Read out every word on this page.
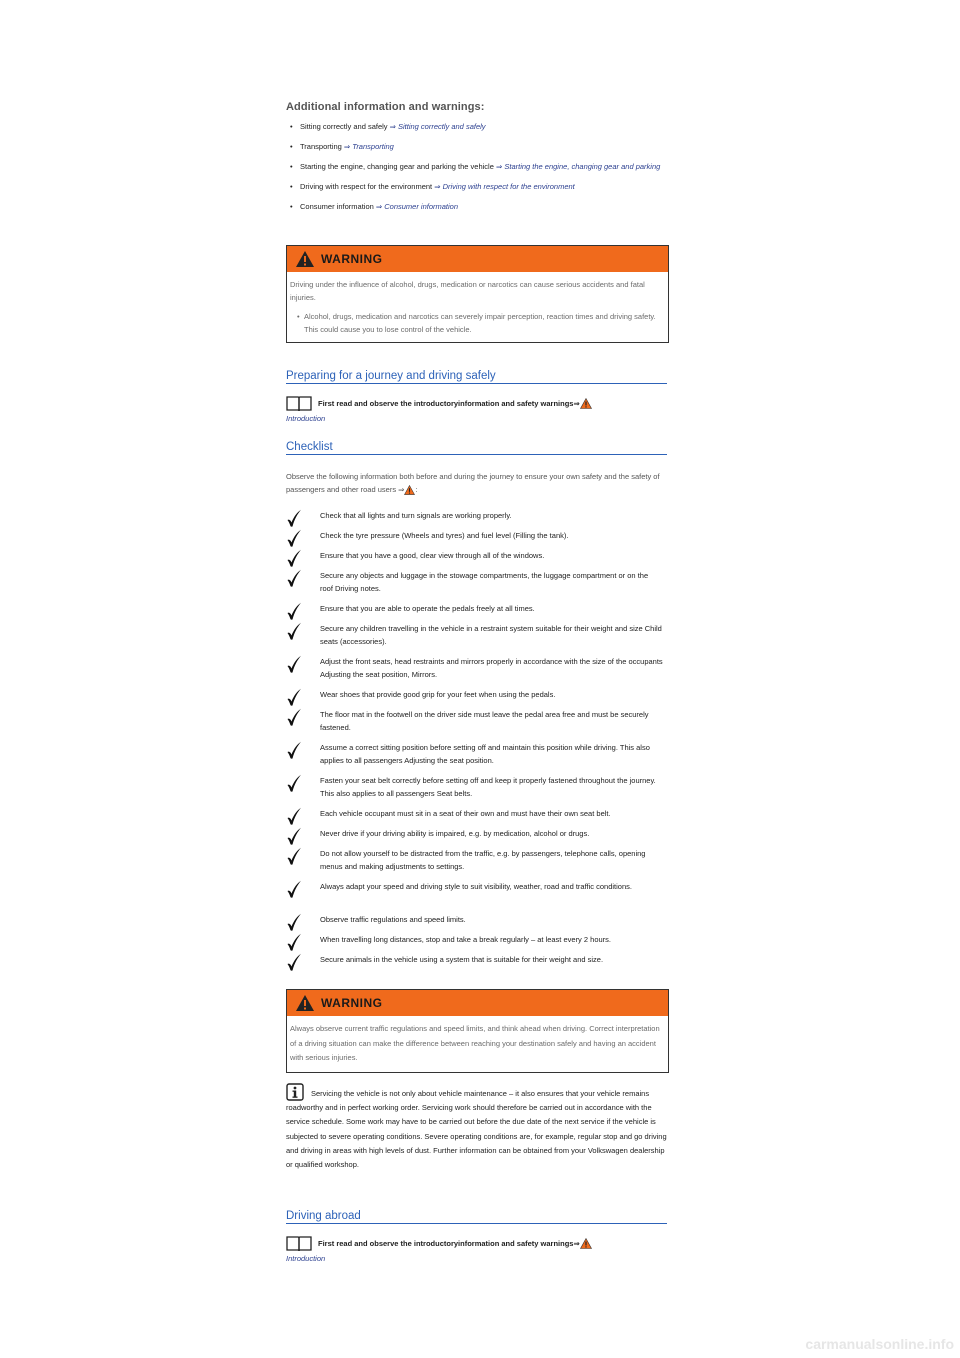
Additional information and warnings:
• Sitting correctly and safely ⇒ Sitting correctly and safely
• Transporting ⇒ Transporting
• Starting the engine, changing gear and parking the vehicle ⇒ Starting the engine, changing gear and parking
• Driving with respect for the environment ⇒ Driving with respect for the environment
• Consumer information ⇒ Consumer information
WARNING
Driving under the influence of alcohol, drugs, medication or narcotics can cause serious accidents and fatal injuries.
• Alcohol, drugs, medication and narcotics can severely impair perception, reaction times and driving safety. This could cause you to lose control of the vehicle.
Preparing for a journey and driving safely
First read and observe the introductoryinformation and safety warnings⇒
Introduction
Checklist
Observe the following information both before and during the journey to ensure your own safety and the safety of passengers and other road users ⇒ :
Check that all lights and turn signals are working properly.
Check the tyre pressure (Wheels and tyres) and fuel level (Filling the tank).
Ensure that you have a good, clear view through all of the windows.
Secure any objects and luggage in the stowage compartments, the luggage compartment or on the roof Driving notes.
Ensure that you are able to operate the pedals freely at all times.
Secure any children travelling in the vehicle in a restraint system suitable for their weight and size Child seats (accessories).
Adjust the front seats, head restraints and mirrors properly in accordance with the size of the occupants Adjusting the seat position, Mirrors.
Wear shoes that provide good grip for your feet when using the pedals.
The floor mat in the footwell on the driver side must leave the pedal area free and must be securely fastened.
Assume a correct sitting position before setting off and maintain this position while driving. This also applies to all passengers Adjusting the seat position.
Fasten your seat belt correctly before setting off and keep it properly fastened throughout the journey. This also applies to all passengers Seat belts.
Each vehicle occupant must sit in a seat of their own and must have their own seat belt.
Never drive if your driving ability is impaired, e.g. by medication, alcohol or drugs.
Do not allow yourself to be distracted from the traffic, e.g. by passengers, telephone calls, opening menus and making adjustments to settings.
Always adapt your speed and driving style to suit visibility, weather, road and traffic conditions.
Observe traffic regulations and speed limits.
When travelling long distances, stop and take a break regularly – at least every 2 hours.
Secure animals in the vehicle using a system that is suitable for their weight and size.
WARNING
Always observe current traffic regulations and speed limits, and think ahead when driving. Correct interpretation of a driving situation can make the difference between reaching your destination safely and having an accident with serious injuries.
Servicing the vehicle is not only about vehicle maintenance – it also ensures that your vehicle remains roadworthy and in perfect working order. Servicing work should therefore be carried out in accordance with the service schedule. Some work may have to be carried out before the due date of the next service if the vehicle is subjected to severe operating conditions. Severe operating conditions are, for example, regular stop and go driving and driving in areas with high levels of dust. Further information can be obtained from your Volkswagen dealership or qualified workshop.
Driving abroad
First read and observe the introductoryinformation and safety warnings⇒
Introduction
carmanualsonline.info
